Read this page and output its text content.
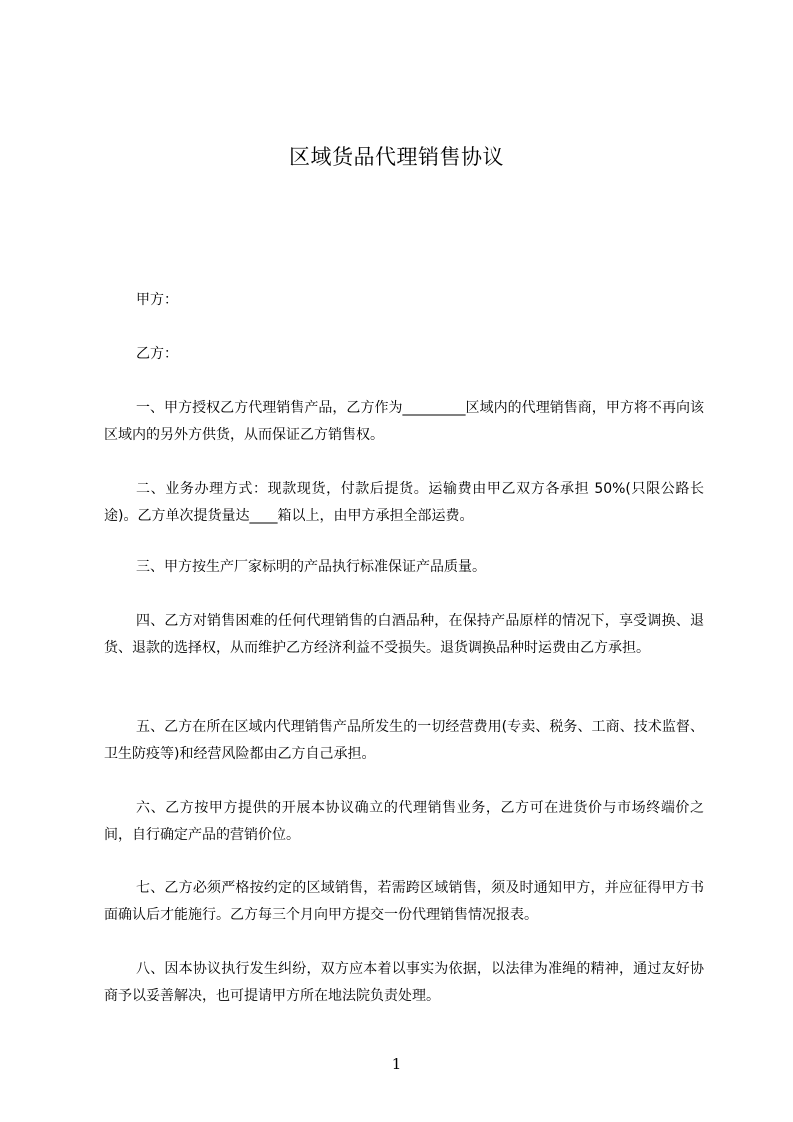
区域货品代理销售协议
甲方：
乙方：
一、甲方授权乙方代理销售产品，乙方作为_________区域内的代理销售商，甲方将不再向该区域内的另外方供货，从而保证乙方销售权。
二、业务办理方式：现款现货，付款后提货。运输费由甲乙双方各承担 50%(只限公路长途)。乙方单次提货量达____箱以上，由甲方承担全部运费。
三、甲方按生产厂家标明的产品执行标准保证产品质量。
四、乙方对销售困难的任何代理销售的白酒品种，在保持产品原样的情况下，享受调换、退货、退款的选择权，从而维护乙方经济利益不受损失。退货调换品种时运费由乙方承担。
五、乙方在所在区域内代理销售产品所发生的一切经营费用(专卖、税务、工商、技术监督、卫生防疫等)和经营风险都由乙方自己承担。
六、乙方按甲方提供的开展本协议确立的代理销售业务，乙方可在进货价与市场终端价之间，自行确定产品的营销价位。
七、乙方必须严格按约定的区域销售，若需跨区域销售，须及时通知甲方，并应征得甲方书面确认后才能施行。乙方每三个月向甲方提交一份代理销售情况报表。
八、因本协议执行发生纠纷，双方应本着以事实为依据，以法律为准绳的精神，通过友好协商予以妥善解决，也可提请甲方所在地法院负责处理。
1
